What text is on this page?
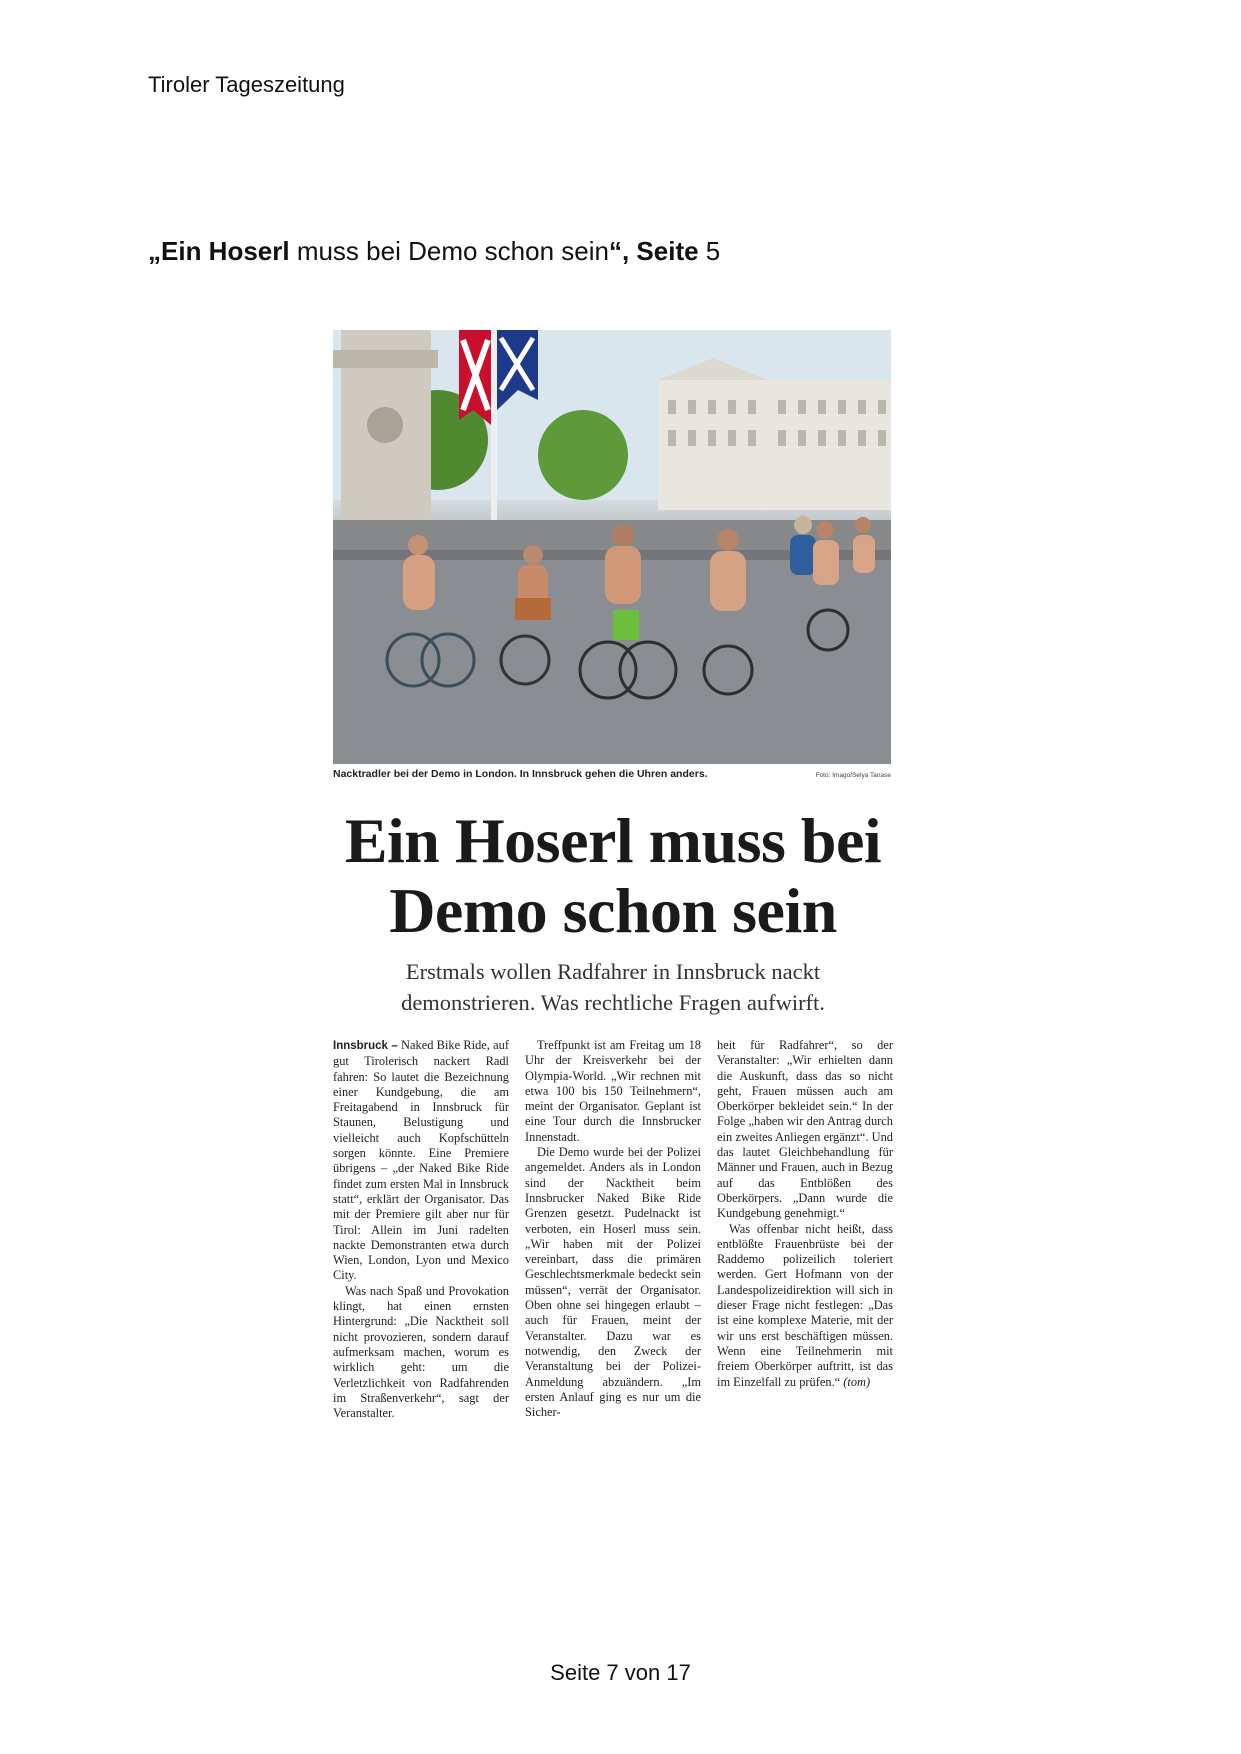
Tiroler Tageszeitung
„Ein Hoserl muss bei Demo schon sein“, Seite 5
Nacktradler bei der Demo in London. In Innsbruck gehen die Uhren anders.	Foto: Imago/Selya Tanase
Ein Hoserl muss bei
Demo schon sein

Erstmals wollen Radfahrer in Innsbruck nackt
demonstrieren. Was rechtliche Fragen aufwirft.

Innsbruck – Naked Bike Ride, auf gut Tirolerisch nackert Radl fahren: So lautet die Bezeichnung einer Kundgebung, die am Freitagabend in Innsbruck für Staunen, Belustigung und vielleicht auch Kopfschütteln sorgen könnte. Eine Premiere übrigens – „der Naked Bike Ride findet zum ersten Mal in Innsbruck statt“, erklärt der Organisator. Das mit der Premiere gilt aber nur für Tirol: Allein im Juni radelten nackte Demonstranten etwa durch Wien, London, Lyon und Mexico City.

Was nach Spaß und Provokation klingt, hat einen ernsten Hintergrund: „Die Nacktheit soll nicht provozieren, sondern darauf aufmerksam machen, worum es wirklich geht: um die Verletzlichkeit von Radfahrenden im Straßenverkehr“, sagt der Veranstalter.

Treffpunkt ist am Freitag um 18 Uhr der Kreisverkehr bei der Olympia-World. „Wir rechnen mit etwa 100 bis 150 Teilnehmern“, meint der Organisator. Geplant ist eine Tour durch die Innsbrucker Innenstadt.

Die Demo wurde bei der Polizei angemeldet. Anders als in London sind der Nacktheit beim Innsbrucker Naked Bike Ride Grenzen gesetzt. Pudelnackt ist verboten, ein Hoserl muss sein. „Wir haben mit der Polizei vereinbart, dass die primären Geschlechtsmerkmale bedeckt sein müssen“, verrät der Organisator. Oben ohne sei hingegen erlaubt – auch für Frauen, meint der Veranstalter. Dazu war es notwendig, den Zweck der Veranstaltung bei der Polizei-Anmeldung abzuändern. „Im ersten Anlauf ging es nur um die Sicher-

heit für Radfahrer“, so der Veranstalter: „Wir erhielten dann die Auskunft, dass das so nicht geht, Frauen müssen auch am Oberkörper bekleidet sein.“ In der Folge „haben wir den Antrag durch ein zweites Anliegen ergänzt“. Und das lautet Gleichbehandlung für Männer und Frauen, auch in Bezug auf das Entblößen des Oberkörpers. „Dann wurde die Kundgebung genehmigt.“

Was offenbar nicht heißt, dass entblößte Frauenbrüste bei der Raddemo polizeilich toleriert werden. Gert Hofmann von der Landespolizeidirektion will sich in dieser Frage nicht festlegen: „Das ist eine komplexe Materie, mit der wir uns erst beschäftigen müssen. Wenn eine Teilnehmerin mit freiem Oberkörper auftritt, ist das im Einzelfall zu prüfen.“ (tom)

Seite 7 von 17
